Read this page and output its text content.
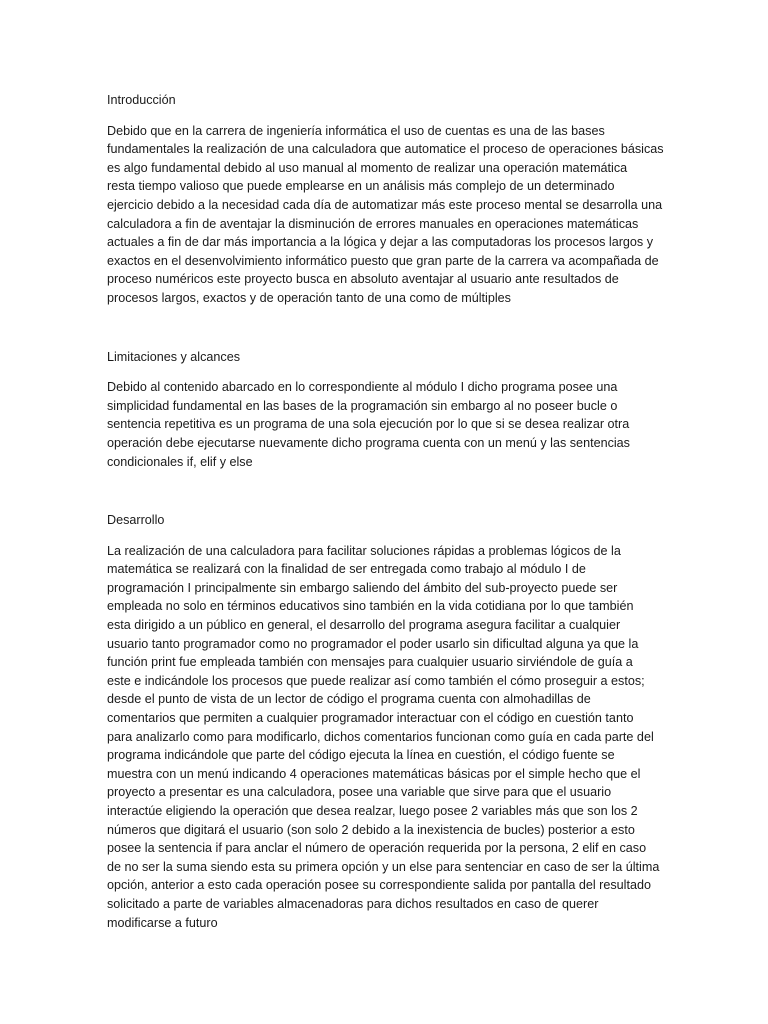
Introducción

Debido que en la carrera de ingeniería informática el uso de cuentas es una de las bases
fundamentales la realización de una calculadora que automatice el proceso de operaciones básicas
es algo fundamental debido al uso manual al momento de realizar una operación matemática
resta tiempo valioso que puede emplearse en un análisis más complejo de un determinado
ejercicio debido a la necesidad cada día de automatizar más este proceso mental se desarrolla una
calculadora a fin de aventajar la disminución de errores manuales en operaciones matemáticas
actuales a fin de dar más importancia a la lógica y dejar a las computadoras los procesos largos y
exactos en el desenvolvimiento informático puesto que gran parte de la carrera va acompañada de
proceso numéricos este proyecto busca en absoluto aventajar al usuario ante resultados de
procesos largos, exactos y de operación tanto de una como de múltiples

Limitaciones y alcances

Debido al contenido abarcado en lo correspondiente al módulo I dicho programa posee una
simplicidad fundamental en las bases de la programación sin embargo al no poseer bucle o
sentencia repetitiva es un programa de una sola ejecución por lo que si se desea realizar otra
operación debe ejecutarse nuevamente dicho programa cuenta con un menú y las sentencias
condicionales if, elif y else

Desarrollo

La realización de una calculadora para facilitar soluciones rápidas a problemas lógicos de la
matemática se realizará con la finalidad de ser entregada como trabajo al módulo I de
programación I principalmente sin embargo saliendo del ámbito del sub-proyecto puede ser
empleada no solo en términos educativos sino también en la vida cotidiana por lo que también
esta dirigido a un público en general, el desarrollo del programa asegura facilitar a cualquier
usuario tanto programador como no programador el poder usarlo sin dificultad alguna ya que la
función print fue empleada también con mensajes para cualquier usuario sirviéndole de guía a
este e indicándole los procesos que puede realizar así como también el cómo proseguir a estos;
desde el punto de vista de un lector de código el programa cuenta con almohadillas de
comentarios que permiten a cualquier programador interactuar con el código en cuestión tanto
para analizarlo como para modificarlo, dichos comentarios funcionan como guía en cada parte del
programa indicándole que parte del código ejecuta la línea en cuestión, el código fuente se
muestra con un menú indicando 4 operaciones matemáticas básicas por el simple hecho que el
proyecto a presentar es una calculadora, posee una variable que sirve para que el usuario
interactúe eligiendo la operación que desea realzar, luego posee 2 variables más que son los 2
números que digitará el usuario (son solo 2 debido a la inexistencia de bucles) posterior a esto
posee la sentencia if para anclar el número de operación requerida por la persona, 2 elif en caso
de no ser la suma siendo esta su primera opción y un else para sentenciar en caso de ser la última
opción, anterior a esto cada operación posee su correspondiente salida por pantalla del resultado
solicitado a parte de variables almacenadoras para dichos resultados en caso de querer
modificarse a futuro
